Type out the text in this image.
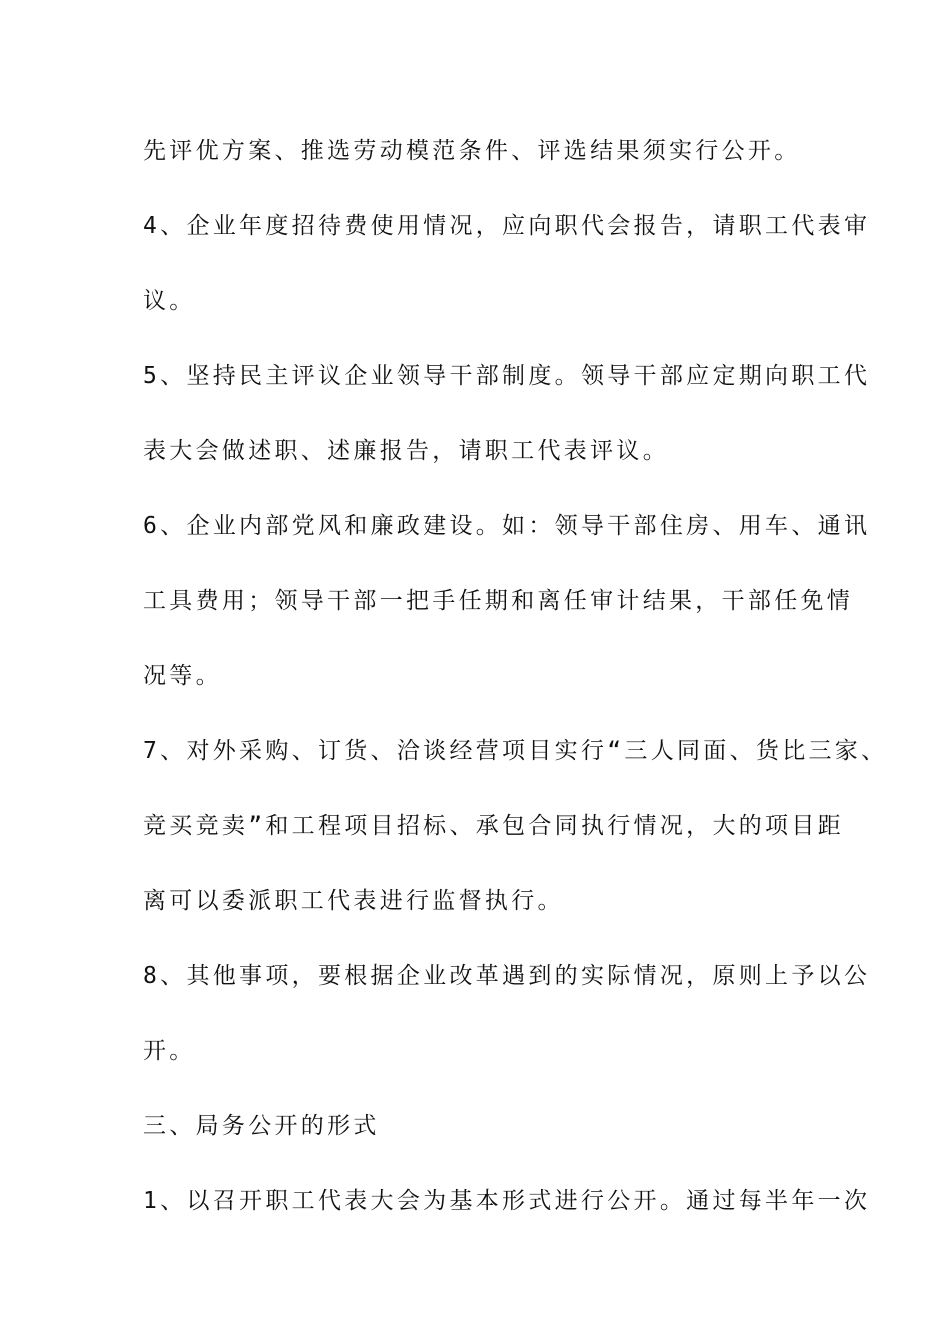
先评优方案、推选劳动模范条件、评选结果须实行公开。
4、企业年度招待费使用情况，应向职代会报告，请职工代表审
议。
5、坚持民主评议企业领导干部制度。领导干部应定期向职工代
表大会做述职、述廉报告，请职工代表评议。
6、企业内部党风和廉政建设。如：领导干部住房、用车、通讯
工具费用；领导干部一把手任期和离任审计结果，干部任免情
况等。
7、对外采购、订货、洽谈经营项目实行“三人同面、货比三家、
竞买竞卖”和工程项目招标、承包合同执行情况，大的项目距
离可以委派职工代表进行监督执行。
8、其他事项，要根据企业改革遇到的实际情况，原则上予以公
开。
三、局务公开的形式
1、以召开职工代表大会为基本形式进行公开。通过每半年一次
